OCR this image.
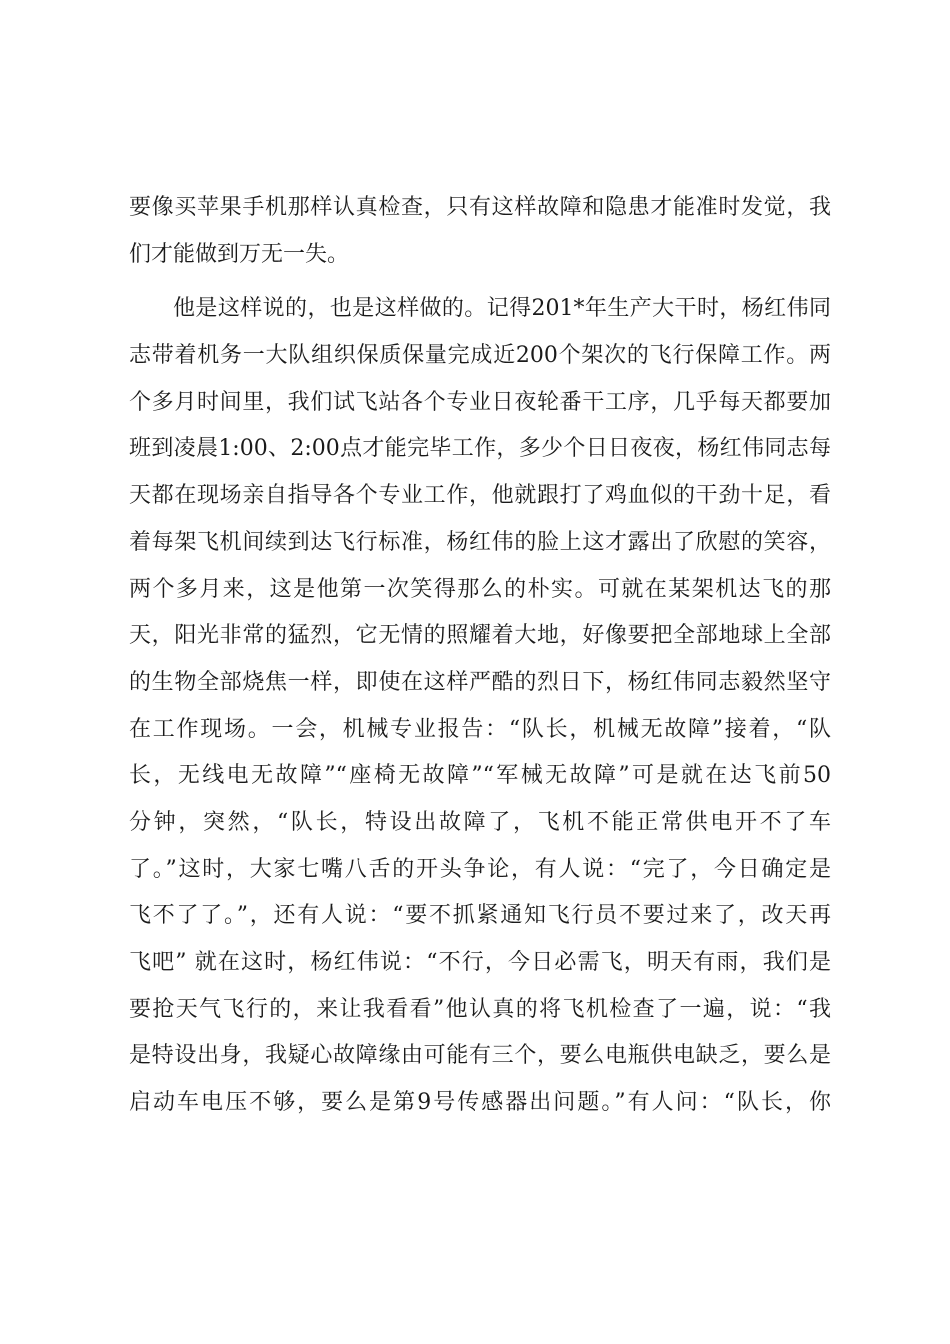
要像买苹果手机那样认真检查，只有这样故障和隐患才能准时发觉，我
们才能做到万无一失。
他是这样说的，也是这样做的。记得201*年生产大干时，杨红伟同
志带着机务一大队组织保质保量完成近200个架次的飞行保障工作。两
个多月时间里，我们试飞站各个专业日夜轮番干工序，几乎每天都要加
班到凌晨1:00、2:00点才能完毕工作，多少个日日夜夜，杨红伟同志每
天都在现场亲自指导各个专业工作，他就跟打了鸡血似的干劲十足，看
着每架飞机间续到达飞行标准，杨红伟的脸上这才露出了欣慰的笑容，
两个多月来，这是他第一次笑得那么的朴实。可就在某架机达飞的那
天，阳光非常的猛烈，它无情的照耀着大地，好像要把全部地球上全部
的生物全部烧焦一样，即使在这样严酷的烈日下，杨红伟同志毅然坚守
在工作现场。一会，机械专业报告：“队长，机械无故障”接着，“队
长，无线电无故障”“座椅无故障”“军械无故障”可是就在达飞前50
分钟，突然，“队长，特设出故障了，飞机不能正常供电开不了车
了。”这时，大家七嘴八舌的开头争论，有人说：“完了，今日确定是
飞不了了。”，还有人说：“要不抓紧通知飞行员不要过来了，改天再
飞吧” 就在这时，杨红伟说：“不行，今日必需飞，明天有雨，我们是
要抢天气飞行的，来让我看看”他认真的将飞机检查了一遍，说：“我
是特设出身，我疑心故障缘由可能有三个，要么电瓶供电缺乏，要么是
启动车电压不够，要么是第9号传感器出问题。”有人问：“队长，你
